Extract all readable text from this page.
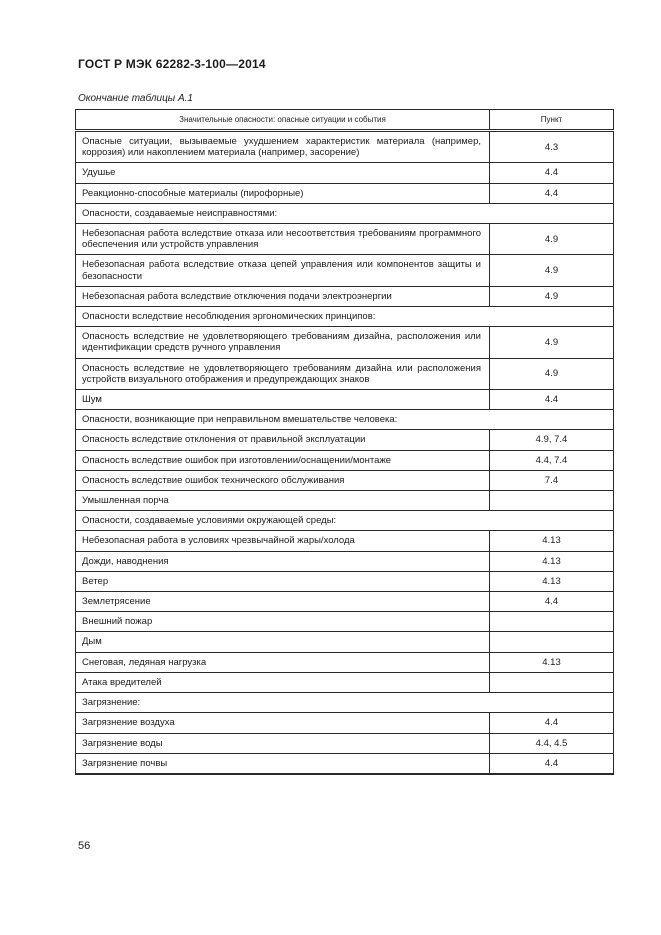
ГОСТ Р МЭК 62282-3-100—2014
Окончание таблицы А.1
Значительные опасности: опасные ситуации и события	Пункт
Опасные ситуации, вызываемые ухудшением характеристик материала (например, коррозия) или накоплением материала (например, засорение)	4.3
Удушье	4.4
Реакционно-способные материалы (пирофорные)	4.4
Опасности, создаваемые неисправностями:	
Небезопасная работа вследствие отказа или несоответствия требованиям программного обеспечения или устройств управления	4.9
Небезопасная работа вследствие отказа цепей управления или компонентов защиты и безопасности	4.9
Небезопасная работа вследствие отключения подачи электроэнергии	4.9
Опасности вследствие несоблюдения эргономических принципов:	
Опасность вследствие не удовлетворяющего требованиям дизайна, расположения или идентификации средств ручного управления	4.9
Опасность вследствие не удовлетворяющего требованиям дизайна или расположения устройств визуального отображения и предупреждающих знаков	4.9
Шум	4.4
Опасности, возникающие при неправильном вмешательстве человека:	
Опасность вследствие отклонения от правильной эксплуатации	4.9, 7.4
Опасность вследствие ошибок при изготовлении/оснащении/монтаже	4.4, 7.4
Опасность вследствие ошибок технического обслуживания	7.4
Умышленная порча	
Опасности, создаваемые условиями окружающей среды:	
Небезопасная работа в условиях чрезвычайной жары/холода	4.13
Дожди, наводнения	4.13
Ветер	4.13
Землетрясение	4.4
Внешний пожар	
Дым	
Снеговая, ледяная нагрузка	4.13
Атака вредителей	
Загрязнение:	
Загрязнение воздуха	4.4
Загрязнение воды	4.4, 4.5
Загрязнение почвы	4.4
56
